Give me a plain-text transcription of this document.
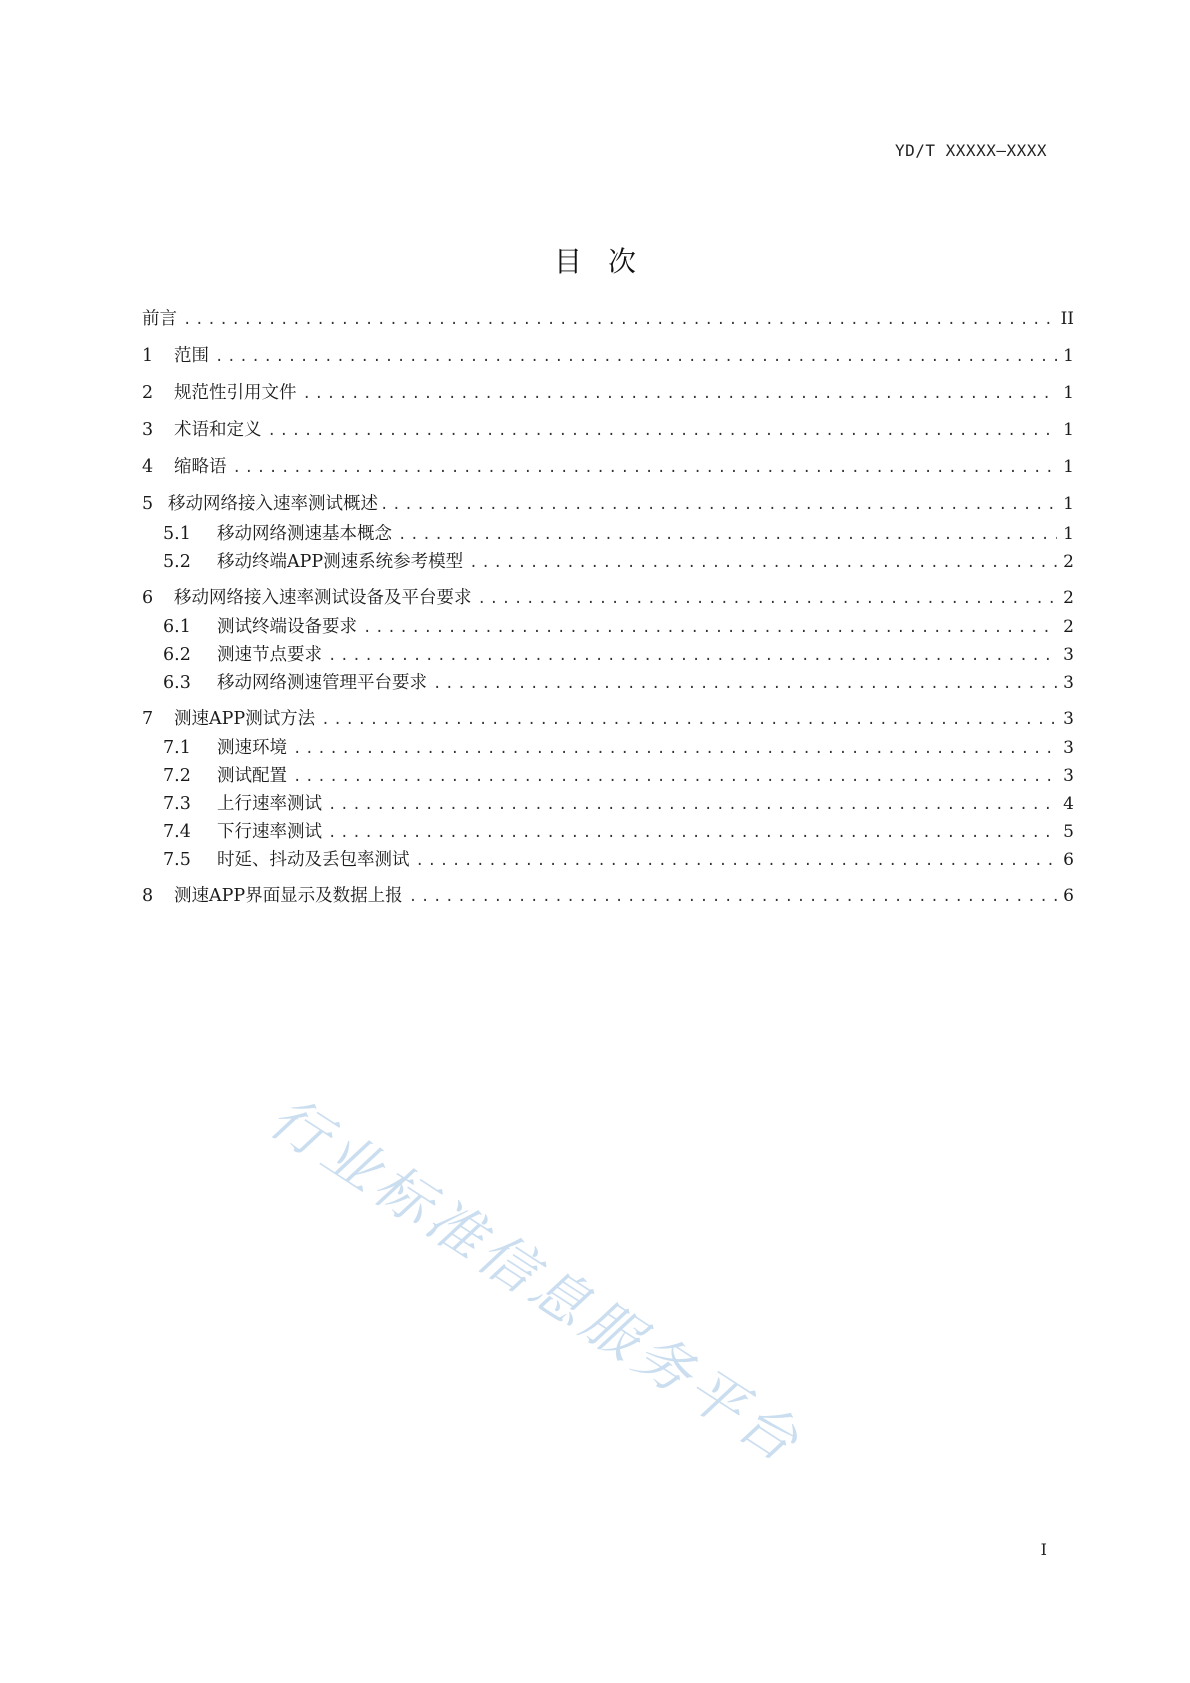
YD/T XXXXX—XXXX
目次
前言 .....	II
1	范围 .....	1
2	规范性引用文件 .....	1
3	术语和定义 .....	1
4	缩略语 .....	1
5 移动网络接入速率测试概述 .....	1
5.1	移动网络测速基本概念 .....	1
5.2	移动终端APP测速系统参考模型 .....	2
6	移动网络接入速率测试设备及平台要求 .....	2
6.1	测试终端设备要求 .....	2
6.2	测速节点要求 .....	3
6.3	移动网络测速管理平台要求 .....	3
7	测速APP测试方法 .....	3
7.1	测速环境 .....	3
7.2	测试配置 .....	3
7.3	上行速率测试 .....	4
7.4	下行速率测试 .....	5
7.5	时延、抖动及丢包率测试 .....	6
8	测速APP界面显示及数据上报 .....	6
行业标准信息服务平台
I
